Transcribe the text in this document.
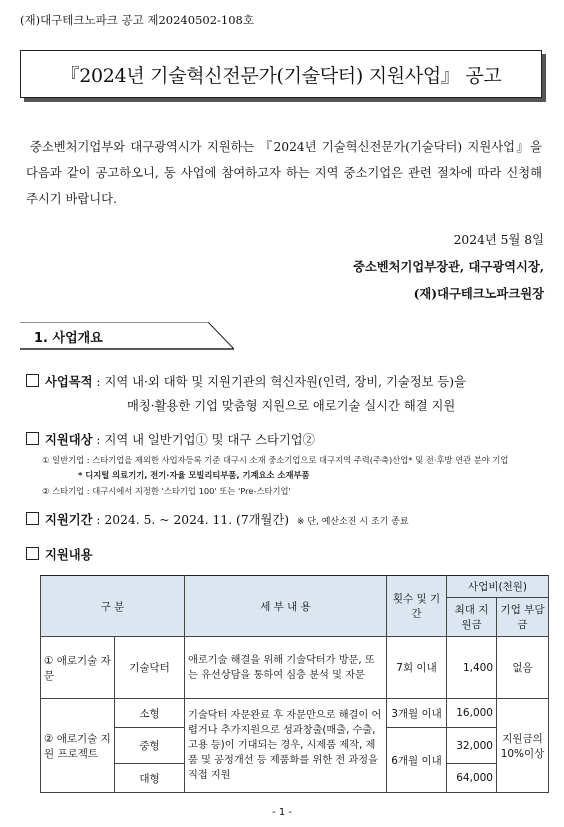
(재)대구테크노파크 공고 제20240502-108호
『2024년 기술혁신전문가(기술닥터) 지원사업』 공고
중소벤처기업부와 대구광역시가 지원하는 『2024년 기술혁신전문가(기술닥터) 지원사업』을 다음과 같이 공고하오니, 동 사업에 참여하고자 하는 지역 중소기업은 관련 절차에 따라 신청해 주시기 바랍니다.
2024년 5월 8일
중소벤처기업부장관, 대구광역시장,
(재)대구테크노파크원장
1. 사업개요
사업목적 : 지역 내·외 대학 및 지원기관의 혁신자원(인력, 장비, 기술정보 등)을
매칭·활용한 기업 맞춤형 지원으로 애로기술 실시간 해결 지원
지원대상 : 지역 내 일반기업① 및 대구 스타기업②
① 일반기업 : 스타기업을 제외한 사업자등록 기준 대구시 소재 중소기업으로 대구지역 주력(주축)산업* 및 전·후방 연관 분야 기업
* 디지털 의료기기, 전기·자율 모빌리티부품, 기계요소 소재부품
② 스타기업 : 대구시에서 지정한 '스타기업 100' 또는 'Pre-스타기업'
지원기간 : 2024. 5. ~ 2024. 11. (7개월간) ※ 단, 예산소진 시 조기 종료
지원내용
구 분		세 부 내 용	횟수 및 기간	사업비(천원)	
				최대 지원금	기업 부담금
① 애로기술 자문	기술닥터	애로기술 해결을 위해 기술닥터가 방문, 또는 유선상담을 통하여 심층 분석 및 자문	7회 이내	1,400	없음
② 애로기술 지원 프로젝트	소형	기술닥터 자문완료 후 자문만으로 해결이 어렵거나 추가지원으로 성과창출(매출, 수출, 고용 등)이 기대되는 경우, 시제품 제작, 제품 및 공정개선 등 제품화를 위한 전 과정을 직접 지원	3개월 이내	16,000	지원금의 10%이상
	중형		6개월 이내	32,000	
	대형			64,000	
- 1 -
